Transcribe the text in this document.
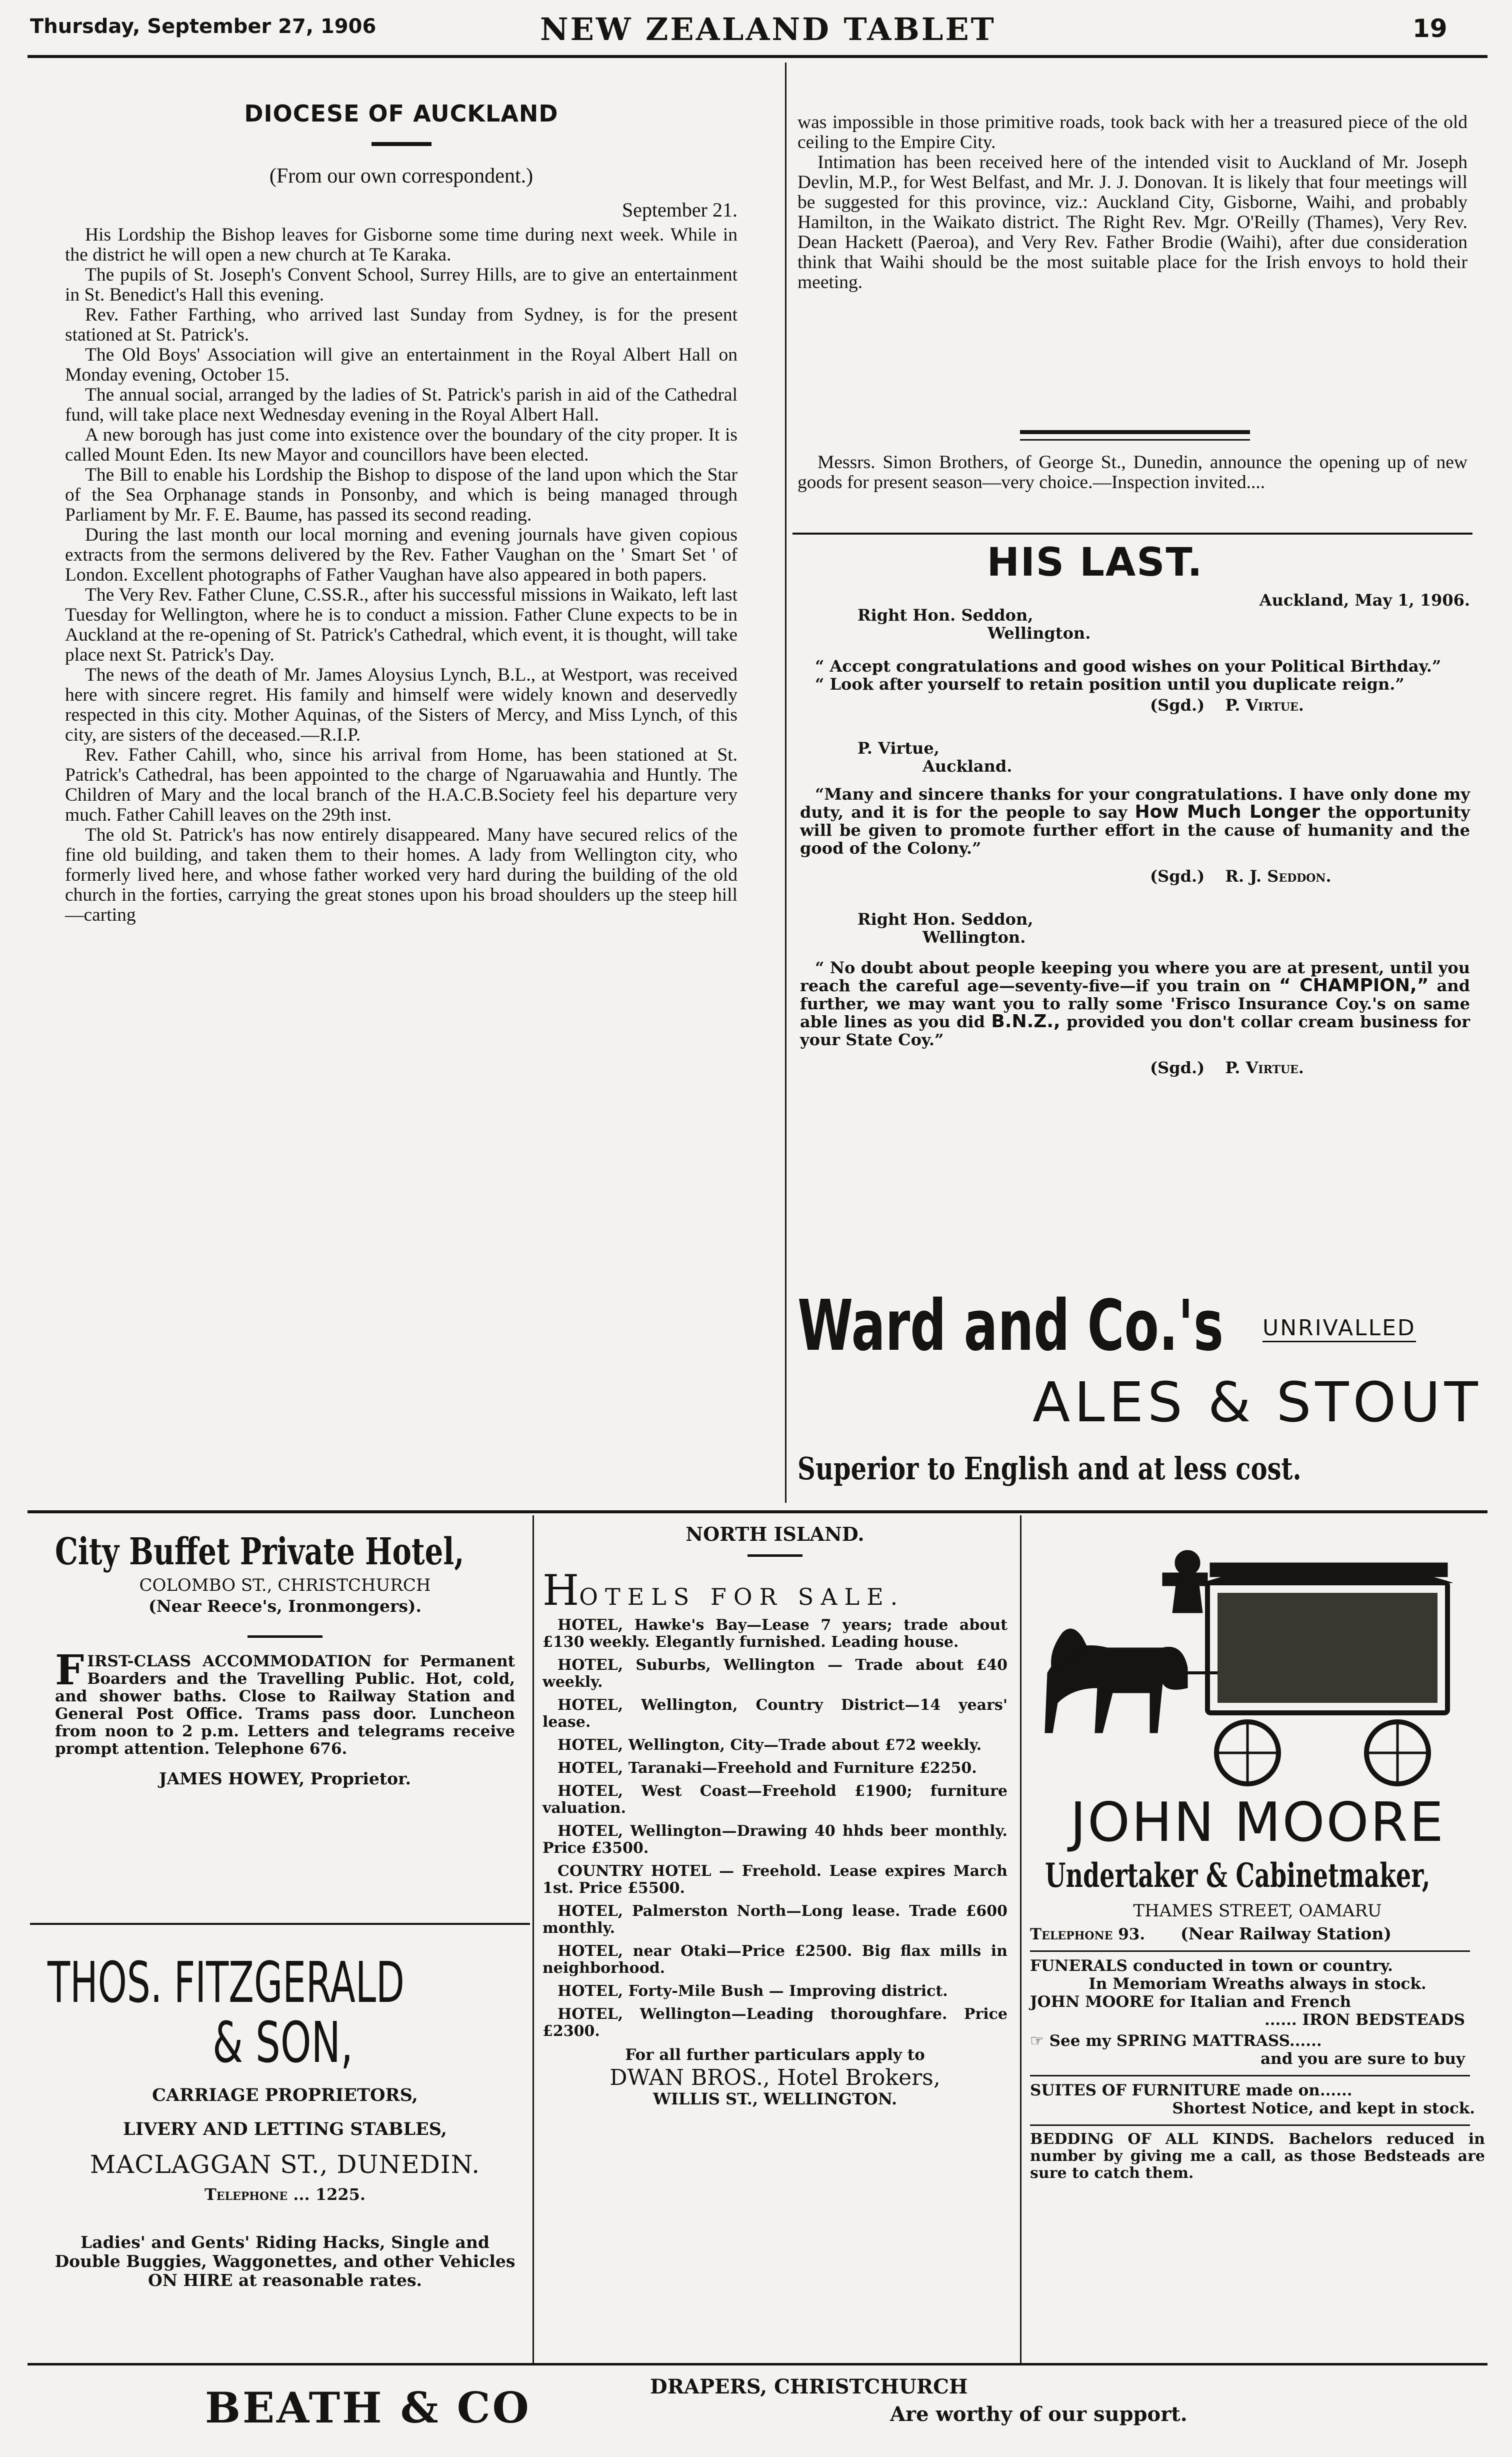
Thursday, September 27, 1906	NEW ZEALAND TABLET	19
DIOCESE OF AUCKLAND

(From our own correspondent.)

September 21.

His Lordship the Bishop leaves for Gisborne some time during next week. While in the district he will open a new church at Te Karaka.

The pupils of St. Joseph's Convent School, Surrey Hills, are to give an entertainment in St. Benedict's Hall this evening.

Rev. Father Farthing, who arrived last Sunday from Sydney, is for the present stationed at St. Patrick's.

The Old Boys' Association will give an entertainment in the Royal Albert Hall on Monday evening, October 15.

The annual social, arranged by the ladies of St. Patrick's parish in aid of the Cathedral fund, will take place next Wednesday evening in the Royal Albert Hall.

A new borough has just come into existence over the boundary of the city proper. It is called Mount Eden. Its new Mayor and councillors have been elected.

The Bill to enable his Lordship the Bishop to dispose of the land upon which the Star of the Sea Orphanage stands in Ponsonby, and which is being managed through Parliament by Mr. F. E. Baume, has passed its second reading.

During the last month our local morning and evening journals have given copious extracts from the sermons delivered by the Rev. Father Vaughan on the ' Smart Set ' of London. Excellent photographs of Father Vaughan have also appeared in both papers.

The Very Rev. Father Clune, C.SS.R., after his successful missions in Waikato, left last Tuesday for Wellington, where he is to conduct a mission. Father Clune expects to be in Auckland at the re-opening of St. Patrick's Cathedral, which event, it is thought, will take place next St. Patrick's Day.

The news of the death of Mr. James Aloysius Lynch, B.L., at Westport, was received here with sincere regret. His family and himself were widely known and deservedly respected in this city. Mother Aquinas, of the Sisters of Mercy, and Miss Lynch, of this city, are sisters of the deceased.—R.I.P.

Rev. Father Cahill, who, since his arrival from Home, has been stationed at St. Patrick's Cathedral, has been appointed to the charge of Ngaruawahia and Huntly. The Children of Mary and the local branch of the H.A.C.B.Society feel his departure very much. Father Cahill leaves on the 29th inst.

The old St. Patrick's has now entirely disappeared. Many have secured relics of the fine old building, and taken them to their homes. A lady from Wellington city, who formerly lived here, and whose father worked very hard during the building of the old church in the forties, carrying the great stones upon his broad shoulders up the steep hill—carting

was impossible in those primitive roads, took back with her a treasured piece of the old ceiling to the Empire City.

Intimation has been received here of the intended visit to Auckland of Mr. Joseph Devlin, M.P., for West Belfast, and Mr. J. J. Donovan. It is likely that four meetings will be suggested for this province, viz.: Auckland City, Gisborne, Waihi, and probably Hamilton, in the Waikato district. The Right Rev. Mgr. O'Reilly (Thames), Very Rev. Dean Hackett (Paeroa), and Very Rev. Father Brodie (Waihi), after due consideration think that Waihi should be the most suitable place for the Irish envoys to hold their meeting.

Messrs. Simon Brothers, of George St., Dunedin, announce the opening up of new goods for present season—very choice.—Inspection invited....

HIS LAST.
Auckland, May 1, 1906.
Right Hon. Seddon,
Wellington.
“ Accept congratulations and good wishes on your Political Birthday.”
“ Look after yourself to retain position until you duplicate reign.”
(Sgd.) P. Virtue.
P. Virtue,
Auckland.
“Many and sincere thanks for your congratulations. I have only done my duty, and it is for the people to say How Much Longer the opportunity will be given to promote further effort in the cause of humanity and the good of the Colony.”
(Sgd.) R. J. Seddon.
Right Hon. Seddon,
Wellington.
“ No doubt about people keeping you where you are at present, until you reach the careful age—seventy-five—if you train on “ CHAMPION,” and further, we may want you to rally some 'Frisco Insurance Coy.'s on same able lines as you did B.N.Z., provided you don't collar cream business for your State Coy.”
(Sgd.) P. Virtue.
Ward and Co.'s UNRIVALLED
ALES & STOUT
Superior to English and at less cost.
City Buffet Private Hotel,
COLOMBO ST., CHRISTCHURCH
(Near Reece's, Ironmongers).
F IRST-CLASS ACCOMMODATION for Permanent Boarders and the Travelling Public. Hot, cold, and shower baths. Close to Railway Station and General Post Office. Trams pass door. Luncheon from noon to 2 p.m. Letters and telegrams receive prompt attention. Telephone 676.
JAMES HOWEY, Proprietor.
THOS. FITZGERALD
& SON,
CARRIAGE PROPRIETORS,
LIVERY AND LETTING STABLES,
MACLAGGAN ST., DUNEDIN.
Telephone ... 1225.
Ladies' and Gents' Riding Hacks, Single and Double Buggies, Waggonettes, and other Vehicles ON HIRE at reasonable rates.
NORTH ISLAND.
HOTELS FOR SALE.
HOTEL, Hawke's Bay—Lease 7 years; trade about £130 weekly. Elegantly furnished. Leading house.
HOTEL, Suburbs, Wellington — Trade about £40 weekly.
HOTEL, Wellington, Country District—14 years' lease.
HOTEL, Wellington, City—Trade about £72 weekly.
HOTEL, Taranaki—Freehold and Furniture £2250.
HOTEL, West Coast—Freehold £1900; furniture valuation.
HOTEL, Wellington—Drawing 40 hhds beer monthly. Price £3500.
COUNTRY HOTEL — Freehold. Lease expires March 1st. Price £5500.
HOTEL, Palmerston North—Long lease. Trade £600 monthly.
HOTEL, near Otaki—Price £2500. Big flax mills in neighborhood.
HOTEL, Forty-Mile Bush — Improving district.
HOTEL, Wellington—Leading thoroughfare. Price £2300.
For all further particulars apply to
DWAN BROS., Hotel Brokers,
WILLIS ST., WELLINGTON.
JOHN MOORE
Undertaker & Cabinetmaker,
THAMES STREET, OAMARU
Telephone 93. (Near Railway Station)
FUNERALS conducted in town or country.
In Memoriam Wreaths always in stock.
JOHN MOORE for Italian and French
...... IRON BEDSTEADS
☞ See my SPRING MATTRASS......
and you are sure to buy
SUITES OF FURNITURE made on......
Shortest Notice, and kept in stock.
BEDDING OF ALL KINDS. Bachelors reduced in number by giving me a call, as those Bedsteads are sure to catch them.
BEATH & CO	DRAPERS, CHRISTCHURCH
Are worthy of our support.
